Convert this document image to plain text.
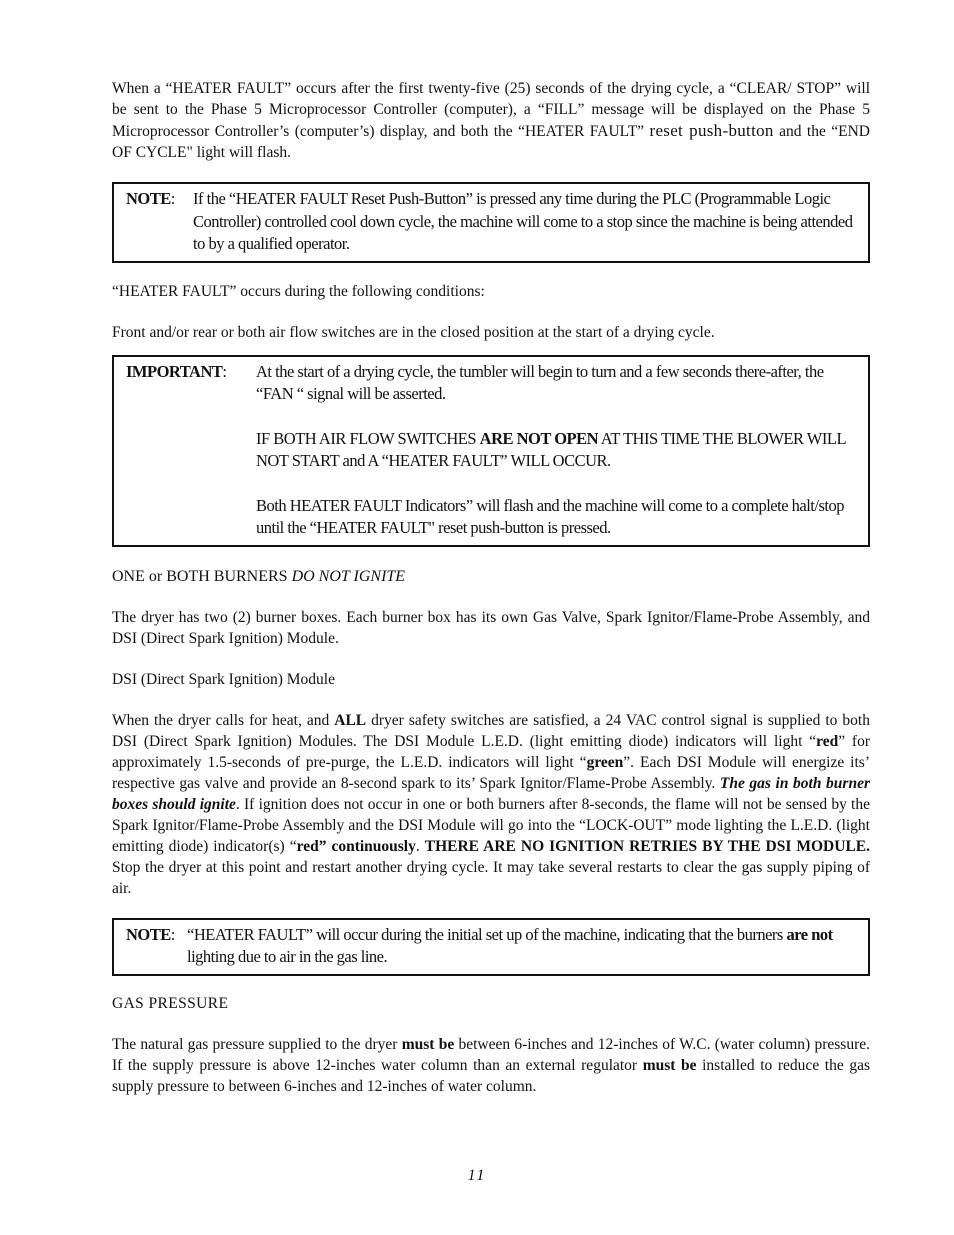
When a “HEATER FAULT” occurs after the first twenty-five (25) seconds of the drying cycle, a “CLEAR/ STOP” will be sent to the Phase 5 Microprocessor Controller (computer), a “FILL” message will be displayed on the Phase 5 Microprocessor Controller’s (computer’s) display, and both the “HEATER FAULT” reset push-button and the “END OF CYCLE" light will flash.

NOTE:	If the “HEATER FAULT Reset Push-Button” is pressed any time during the PLC (Programmable Logic Controller) controlled cool down cycle, the machine will come to a stop since the machine is being attended to by a qualified operator.

“HEATER FAULT” occurs during the following conditions:

Front and/or rear or both air flow switches are in the closed position at the start of a drying cycle.

IMPORTANT:	At the start of a drying cycle, the tumbler will begin to turn and a few seconds there-after, the “FAN “ signal will be asserted.

IF BOTH AIR FLOW SWITCHES ARE NOT OPEN AT THIS TIME THE BLOWER WILL NOT START and A “HEATER FAULT” WILL OCCUR.

Both HEATER FAULT Indicators” will flash and the machine will come to a complete halt/stop until the “HEATER FAULT" reset push-button is pressed.

ONE or BOTH BURNERS DO NOT IGNITE

The dryer has two (2) burner boxes. Each burner box has its own Gas Valve, Spark Ignitor/Flame-Probe Assembly, and DSI (Direct Spark Ignition) Module.

DSI (Direct Spark Ignition) Module

When the dryer calls for heat, and ALL dryer safety switches are satisfied, a 24 VAC control signal is supplied to both DSI (Direct Spark Ignition) Modules. The DSI Module L.E.D. (light emitting diode) indicators will light “red” for approximately 1.5-seconds of pre-purge, the L.E.D. indicators will light “green”. Each DSI Module will energize its’ respective gas valve and provide an 8-second spark to its’ Spark Ignitor/Flame-Probe Assembly. The gas in both burner boxes should ignite. If ignition does not occur in one or both burners after 8-seconds, the flame will not be sensed by the Spark Ignitor/Flame-Probe Assembly and the DSI Module will go into the “LOCK-OUT” mode lighting the L.E.D. (light emitting diode) indicator(s) “red” continuously. THERE ARE NO IGNITION RETRIES BY THE DSI MODULE. Stop the dryer at this point and restart another drying cycle. It may take several restarts to clear the gas supply piping of air.

NOTE: “HEATER FAULT” will occur during the initial set up of the machine, indicating that the burners are not lighting due to air in the gas line.

GAS PRESSURE

The natural gas pressure supplied to the dryer must be between 6-inches and 12-inches of W.C. (water column) pressure. If the supply pressure is above 12-inches water column than an external regulator must be installed to reduce the gas supply pressure to between 6-inches and 12-inches of water column.

11
